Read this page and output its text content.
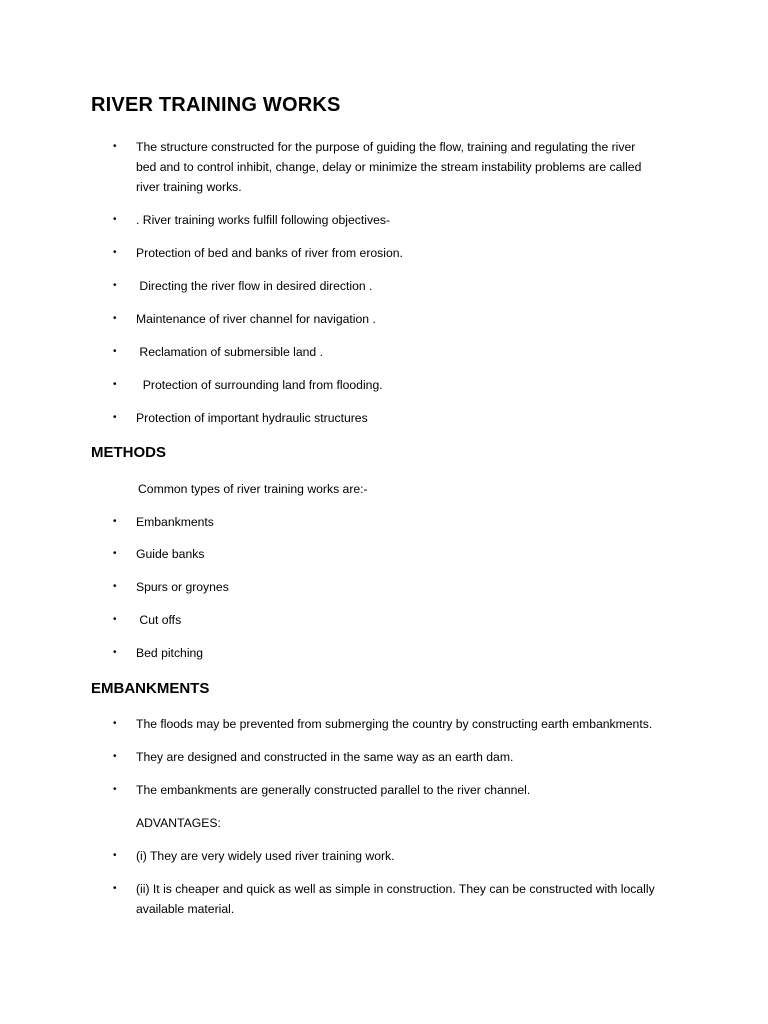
RIVER TRAINING WORKS
• The structure constructed for the purpose of guiding the flow, training and regulating the river
bed and to control inhibit, change, delay or minimize the stream instability problems are called
river training works.
• . River training works fulfill following objectives-
• Protection of bed and banks of river from erosion.
• Directing the river flow in desired direction .
• Maintenance of river channel for navigation .
• Reclamation of submersible land .
• Protection of surrounding land from flooding.
• Protection of important hydraulic structures
METHODS
Common types of river training works are:-
• Embankments
• Guide banks
• Spurs or groynes
• Cut offs
• Bed pitching
EMBANKMENTS
• The floods may be prevented from submerging the country by constructing earth embankments.
• They are designed and constructed in the same way as an earth dam.
• The embankments are generally constructed parallel to the river channel.
ADVANTAGES:
• (i) They are very widely used river training work.
• (ii) It is cheaper and quick as well as simple in construction. They can be constructed with locally
available material.
